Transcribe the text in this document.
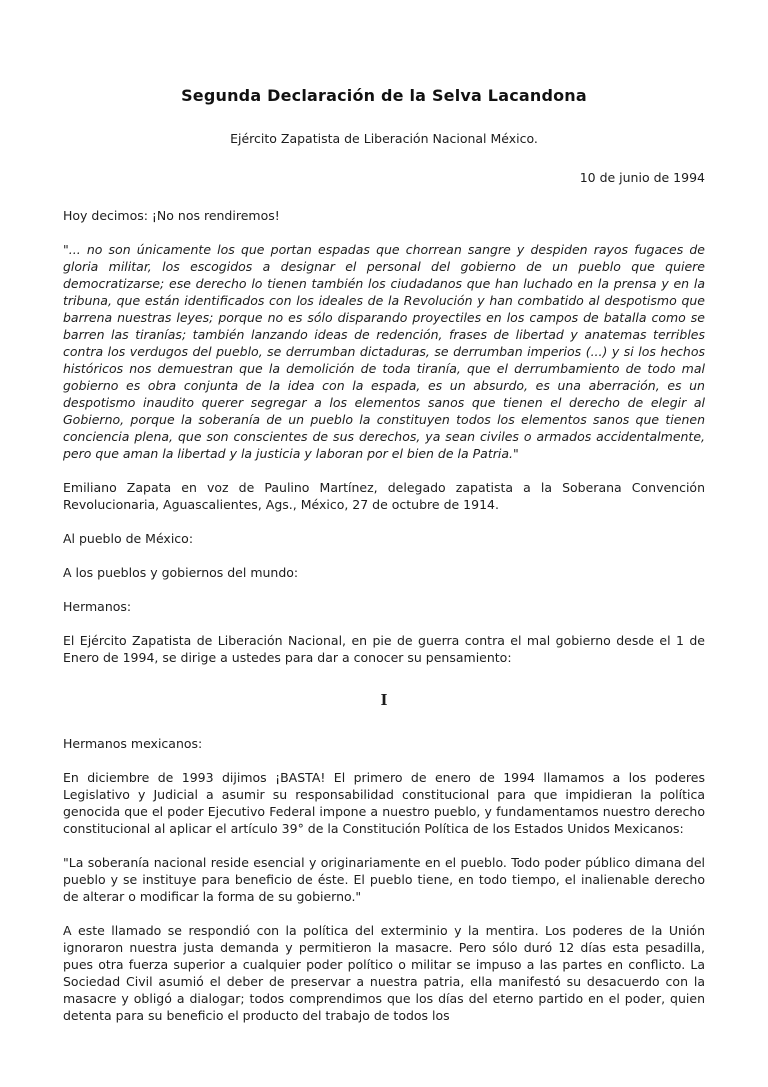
Segunda Declaración de la Selva Lacandona
Ejército Zapatista de Liberación Nacional México.
10 de junio de 1994

Hoy decimos: ¡No nos rendiremos!

"... no son únicamente los que portan espadas que chorrean sangre y despiden rayos fugaces de gloria militar, los escogidos a designar el personal del gobierno de un pueblo que quiere democratizarse; ese derecho lo tienen también los ciudadanos que han luchado en la prensa y en la tribuna, que están identificados con los ideales de la Revolución y han combatido al despotismo que barrena nuestras leyes; porque no es sólo disparando proyectiles en los campos de batalla como se barren las tiranías; también lanzando ideas de redención, frases de libertad y anatemas terribles contra los verdugos del pueblo, se derrumban dictaduras, se derrumban imperios (...) y si los hechos históricos nos demuestran que la demolición de toda tiranía, que el derrumbamiento de todo mal gobierno es obra conjunta de la idea con la espada, es un absurdo, es una aberración, es un despotismo inaudito querer segregar a los elementos sanos que tienen el derecho de elegir al Gobierno, porque la soberanía de un pueblo la constituyen todos los elementos sanos que tienen conciencia plena, que son conscientes de sus derechos, ya sean civiles o armados accidentalmente, pero que aman la libertad y la justicia y laboran por el bien de la Patria."

Emiliano Zapata en voz de Paulino Martínez, delegado zapatista a la Soberana Convención Revolucionaria, Aguascalientes, Ags., México, 27 de octubre de 1914.

Al pueblo de México:

A los pueblos y gobiernos del mundo:

Hermanos:

El Ejército Zapatista de Liberación Nacional, en pie de guerra contra el mal gobierno desde el 1 de Enero de 1994, se dirige a ustedes para dar a conocer su pensamiento:

I

Hermanos mexicanos:

En diciembre de 1993 dijimos ¡BASTA! El primero de enero de 1994 llamamos a los poderes Legislativo y Judicial a asumir su responsabilidad constitucional para que impidieran la política genocida que el poder Ejecutivo Federal impone a nuestro pueblo, y fundamentamos nuestro derecho constitucional al aplicar el artículo 39° de la Constitución Política de los Estados Unidos Mexicanos:

"La soberanía nacional reside esencial y originariamente en el pueblo. Todo poder público dimana del pueblo y se instituye para beneficio de éste. El pueblo tiene, en todo tiempo, el inalienable derecho de alterar o modificar la forma de su gobierno."

A este llamado se respondió con la política del exterminio y la mentira. Los poderes de la Unión ignoraron nuestra justa demanda y permitieron la masacre. Pero sólo duró 12 días esta pesadilla, pues otra fuerza superior a cualquier poder político o militar se impuso a las partes en conflicto. La Sociedad Civil asumió el deber de preservar a nuestra patria, ella manifestó su desacuerdo con la masacre y obligó a dialogar; todos comprendimos que los días del eterno partido en el poder, quien detenta para su beneficio el producto del trabajo de todos los
